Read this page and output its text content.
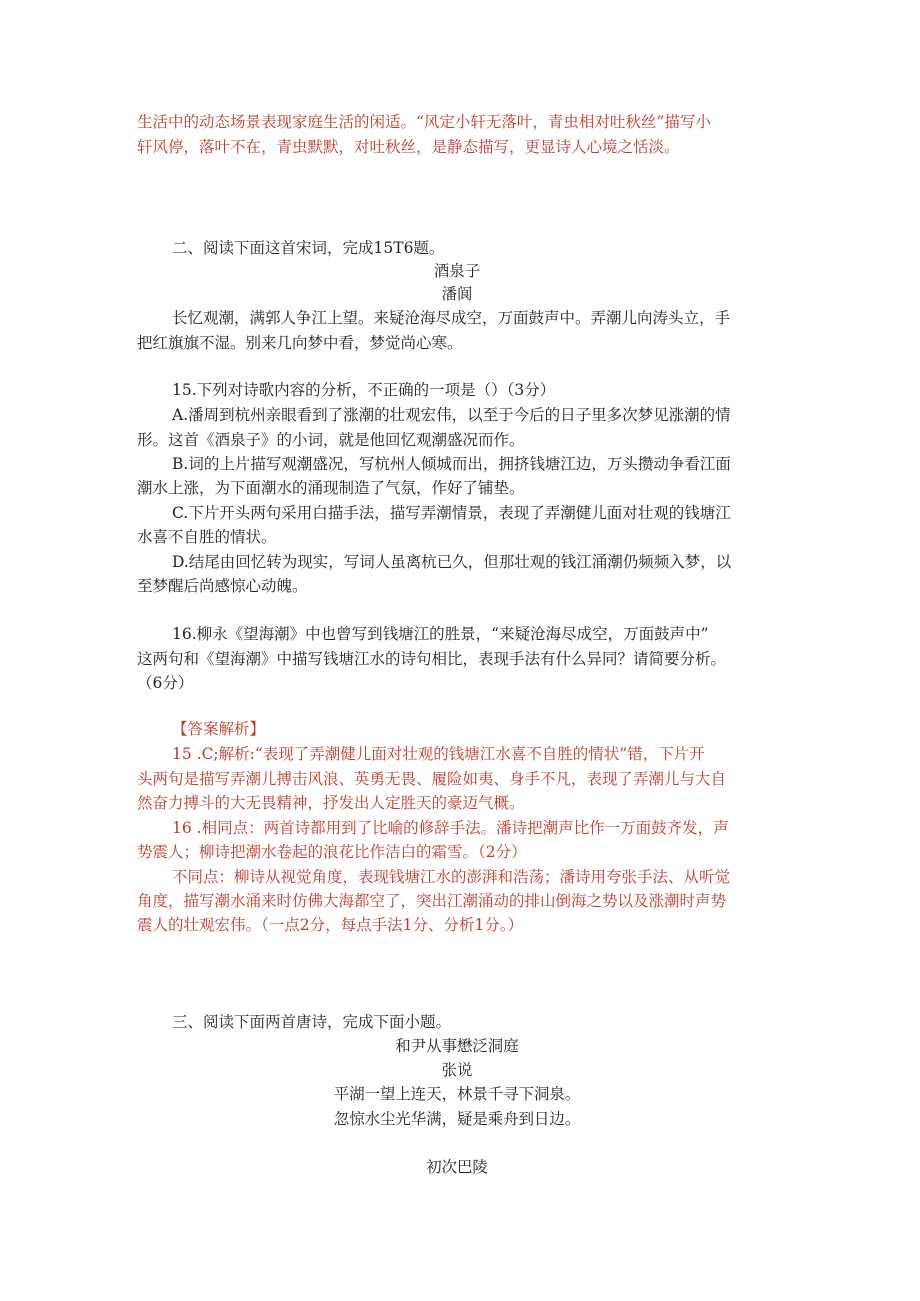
生活中的动态场景表现家庭生活的闲适。“风定小轩无落叶，青虫相对吐秋丝”描写小
轩风停，落叶不在，青虫默默，对吐秋丝，是静态描写，更显诗人心境之恬淡。
二、阅读下面这首宋词，完成15T6题。
酒泉子
潘阆
长忆观潮，满郭人争江上望。来疑沧海尽成空，万面鼓声中。弄潮儿向涛头立，手
把红旗旗不湿。别来几向梦中看，梦觉尚心寒。
15.下列对诗歌内容的分析，不正确的一项是（）（3分）
A.潘周到杭州亲眼看到了涨潮的壮观宏伟，以至于今后的日子里多次梦见涨潮的情
形。这首《酒泉子》的小词，就是他回忆观潮盛况而作。
B.词的上片描写观潮盛况，写杭州人倾城而出，拥挤钱塘江边，万头攒动争看江面
潮水上涨，为下面潮水的涌现制造了气氛，作好了铺垫。
C.下片开头两句采用白描手法，描写弄潮情景，表现了弄潮健儿面对壮观的钱塘江
水喜不自胜的情状。
D.结尾由回忆转为现实，写词人虽离杭已久，但那壮观的钱江涌潮仍频频入梦，以
至梦醒后尚感惊心动魄。
16.柳永《望海潮》中也曾写到钱塘江的胜景，“来疑沧海尽成空，万面鼓声中”
这两句和《望海潮》中描写钱塘江水的诗句相比，表现手法有什么异同？请简要分析。
（6分）
【答案解析】
15 .C;解析:“表现了弄潮健儿面对壮观的钱塘江水喜不自胜的情状”错，下片开
头两句是描写弄潮儿搏击风浪、英勇无畏、履险如夷、身手不凡，表现了弄潮儿与大自
然奋力搏斗的大无畏精神，抒发出人定胜天的豪迈气概。
16 .相同点：两首诗都用到了比喻的修辞手法。潘诗把潮声比作一万面鼓齐发，声
势震人；柳诗把潮水卷起的浪花比作洁白的霜雪。（2分）
不同点：柳诗从视觉角度，表现钱塘江水的澎湃和浩荡；潘诗用夸张手法、从听觉
角度，描写潮水涌来时仿佛大海都空了，突出江潮涌动的排山倒海之势以及涨潮时声势
震人的壮观宏伟。（一点2分，每点手法1分、分析1分。）
三、阅读下面两首唐诗，完成下面小题。
和尹从事懋泛洞庭
张说
平湖一望上连天，林景千寻下洞泉。
忽惊水尘光华满，疑是乘舟到日边。
初次巴陵
